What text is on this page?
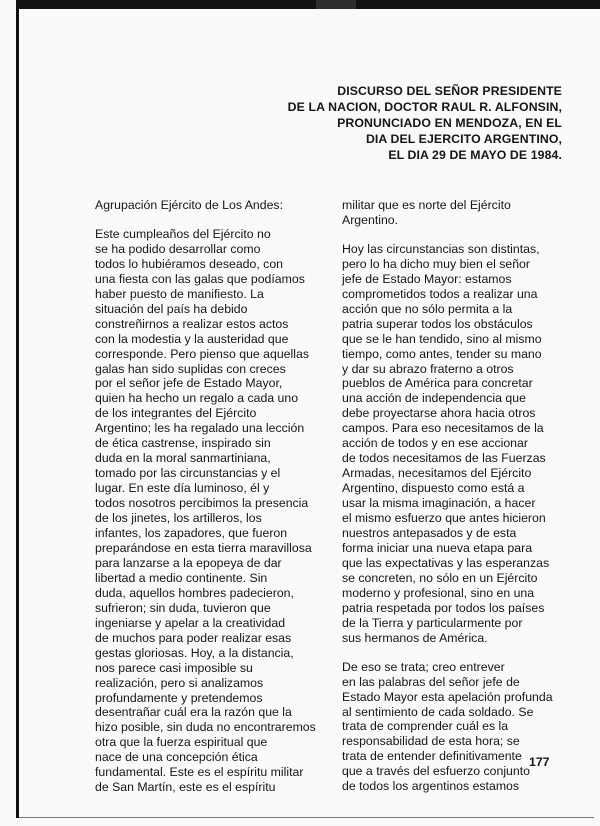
DISCURSO DEL SEÑOR PRESIDENTE
DE LA NACION, DOCTOR RAUL R. ALFONSIN,
PRONUNCIADO EN MENDOZA, EN EL
DIA DEL EJERCITO ARGENTINO,
EL DIA 29 DE MAYO DE 1984.
Agrupación Ejército de Los Andes:
Este cumpleaños del Ejército no
se ha podido desarrollar como
todos lo hubiéramos deseado, con
una fiesta con las galas que podíamos
haber puesto de manifiesto. La
situación del país ha debido
constreñirnos a realizar estos actos
con la modestia y la austeridad que
corresponde. Pero pienso que aquellas
galas han sido suplidas con creces
por el señor jefe de Estado Mayor,
quien ha hecho un regalo a cada uno
de los integrantes del Ejército
Argentino; les ha regalado una lección
de ética castrense, inspirado sin
duda en la moral sanmartiniana,
tomado por las circunstancias y el
lugar. En este día luminoso, él y
todos nosotros percibimos la presencia
de los jinetes, los artilleros, los
infantes, los zapadores, que fueron
preparándose en esta tierra maravillosa
para lanzarse a la epopeya de dar
libertad a medio continente. Sin
duda, aquellos hombres padecieron,
sufrieron; sin duda, tuvieron que
ingeniarse y apelar a la creatividad
de muchos para poder realizar esas
gestas gloriosas. Hoy, a la distancia,
nos parece casi imposible su
realización, pero si analizamos
profundamente y pretendemos
desentrañar cuál era la razón que la
hizo posible, sin duda no encontraremos
otra que la fuerza espiritual que
nace de una concepción ética
fundamental. Este es el espíritu militar
de San Martín, este es el espíritu
militar que es norte del Ejército
Argentino.
Hoy las circunstancias son distintas,
pero lo ha dicho muy bien el señor
jefe de Estado Mayor: estamos
comprometidos todos a realizar una
acción que no sólo permita a la
patria superar todos los obstáculos
que se le han tendido, sino al mismo
tiempo, como antes, tender su mano
y dar su abrazo fraterno a otros
pueblos de América para concretar
una acción de independencia que
debe proyectarse ahora hacia otros
campos. Para eso necesitamos de la
acción de todos y en ese accionar
de todos necesitamos de las Fuerzas
Armadas, necesitamos del Ejército
Argentino, dispuesto como está a
usar la misma imaginación, a hacer
el mismo esfuerzo que antes hicieron
nuestros antepasados y de esta
forma iniciar una nueva etapa para
que las expectativas y las esperanzas
se concreten, no sólo en un Ejército
moderno y profesional, sino en una
patria respetada por todos los países
de la Tierra y particularmente por
sus hermanos de América.
De eso se trata; creo entrever
en las palabras del señor jefe de
Estado Mayor esta apelación profunda
al sentimiento de cada soldado. Se
trata de comprender cuál es la
responsabilidad de esta hora; se
trata de entender definitivamente
que a través del esfuerzo conjunto
de todos los argentinos estamos
177
